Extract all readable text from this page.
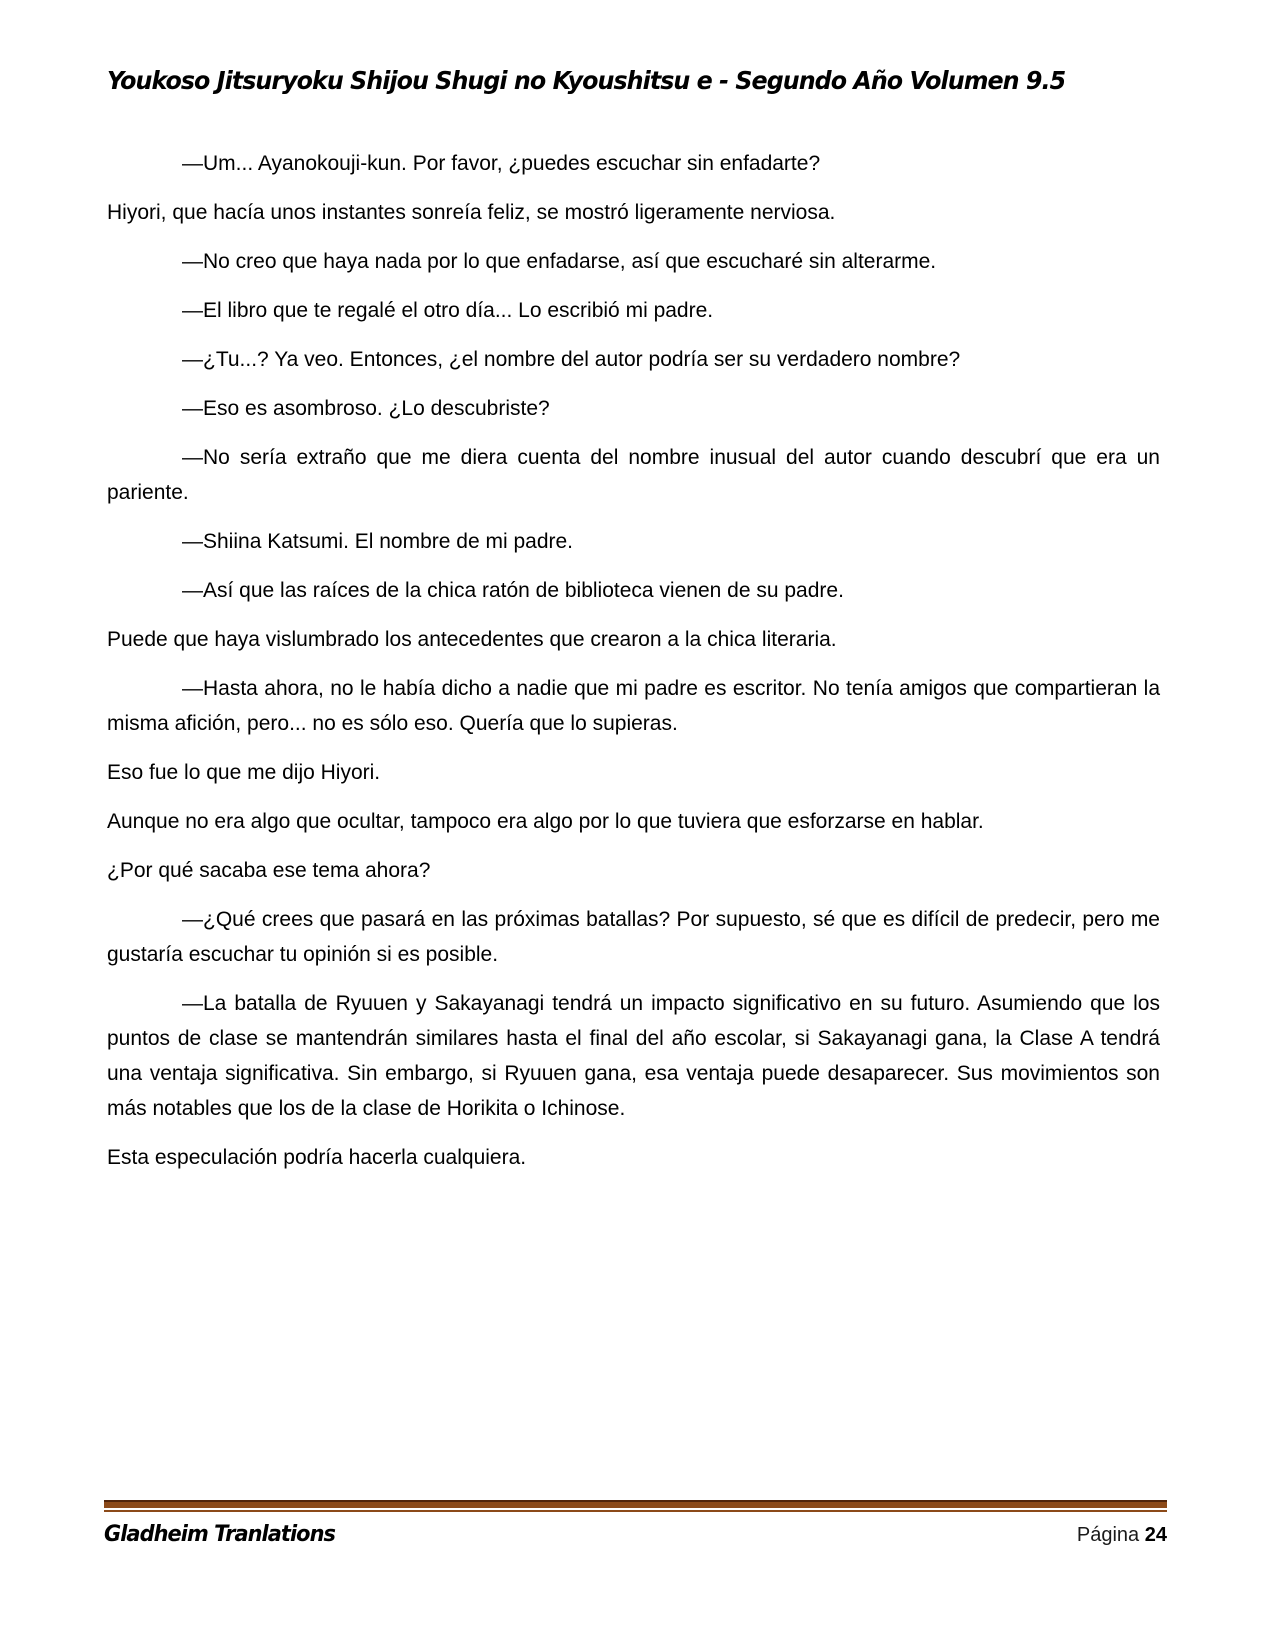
Youkoso Jitsuryoku Shijou Shugi no Kyoushitsu e - Segundo Año Volumen 9.5

—Um... Ayanokouji-kun. Por favor, ¿puedes escuchar sin enfadarte?

Hiyori, que hacía unos instantes sonreía feliz, se mostró ligeramente nerviosa.

—No creo que haya nada por lo que enfadarse, así que escucharé sin alterarme.

—El libro que te regalé el otro día... Lo escribió mi padre.

—¿Tu...? Ya veo. Entonces, ¿el nombre del autor podría ser su verdadero nombre?

—Eso es asombroso. ¿Lo descubriste?

—No sería extraño que me diera cuenta del nombre inusual del autor cuando descubrí que era un pariente.

—Shiina Katsumi. El nombre de mi padre.

—Así que las raíces de la chica ratón de biblioteca vienen de su padre.

Puede que haya vislumbrado los antecedentes que crearon a la chica literaria.

—Hasta ahora, no le había dicho a nadie que mi padre es escritor. No tenía amigos que compartieran la misma afición, pero... no es sólo eso. Quería que lo supieras.

Eso fue lo que me dijo Hiyori.

Aunque no era algo que ocultar, tampoco era algo por lo que tuviera que esforzarse en hablar.

¿Por qué sacaba ese tema ahora?

—¿Qué crees que pasará en las próximas batallas? Por supuesto, sé que es difícil de predecir, pero me gustaría escuchar tu opinión si es posible.

—La batalla de Ryuuen y Sakayanagi tendrá un impacto significativo en su futuro. Asumiendo que los puntos de clase se mantendrán similares hasta el final del año escolar, si Sakayanagi gana, la Clase A tendrá una ventaja significativa. Sin embargo, si Ryuuen gana, esa ventaja puede desaparecer. Sus movimientos son más notables que los de la clase de Horikita o Ichinose.

Esta especulación podría hacerla cualquiera.

Gladheim Tranlations	Página 24
